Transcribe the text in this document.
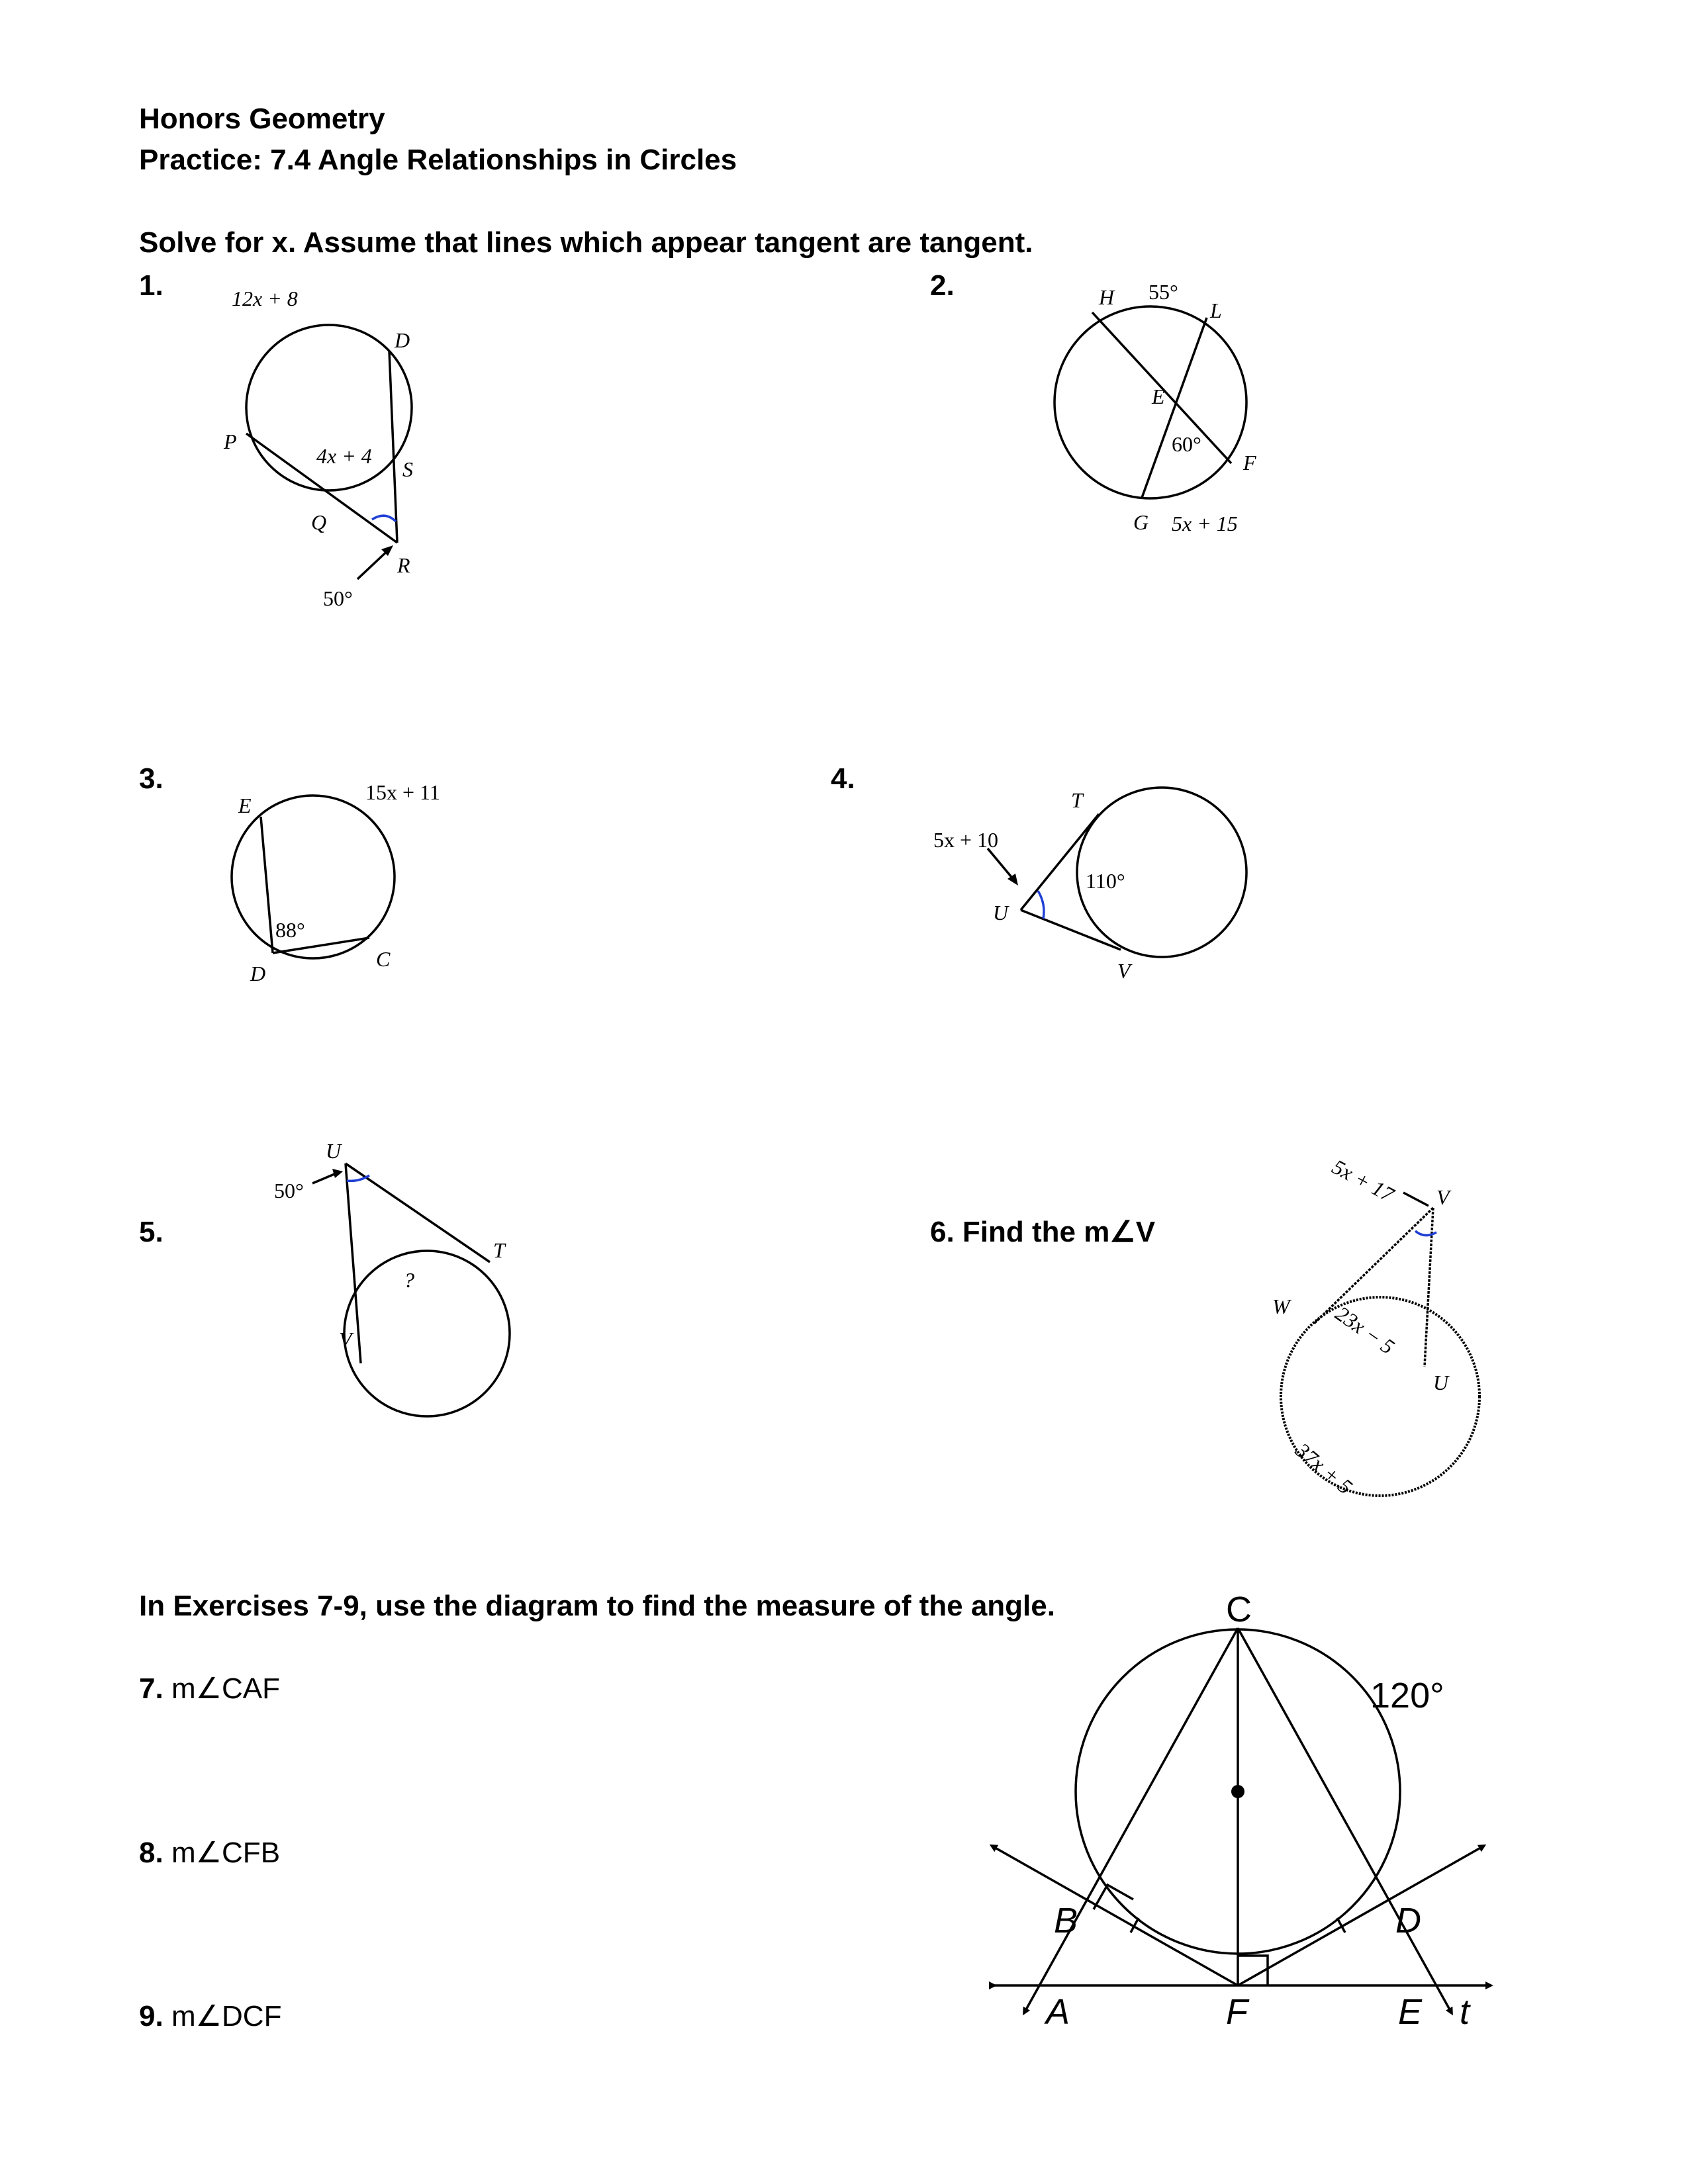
Honors Geometry
Practice: 7.4 Angle Relationships in Circles
Solve for x. Assume that lines which appear tangent are tangent.
1.	2.
3.	4.
5.	6. Find the m∠V
12x + 8
4x + 4
50°
P
Q
D
S
R
55°
60°
5x + 15
H
L
E
F
G
15x + 11
88°
E
D
C
5x + 10
110°
T
U
V
50°
?
U
T
V
5x + 17
23x − 5
37x + 5
V
W
U
In Exercises 7-9, use the diagram to find the measure of the angle.
7. m∠CAF
8. m∠CFB
9. m∠DCF
C
120°
B	D
A	F	E t
